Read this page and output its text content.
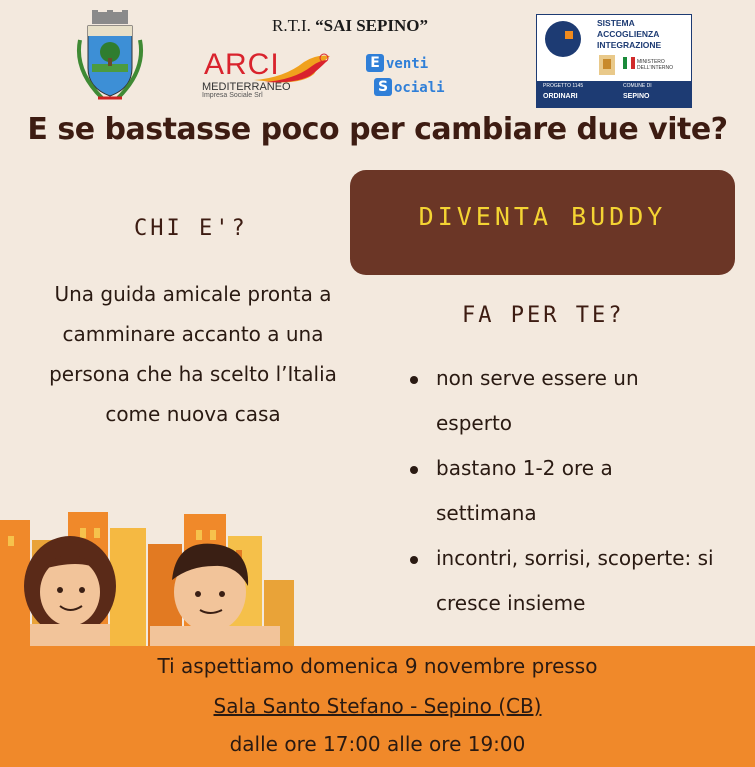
R.T.I. “SAI SEPINO”
ARCI
MEDITERRANEO
Impresa Sociale Srl
E venti
S ociali
SISTEMA
ACCOGLIENZA
INTEGRAZIONE
MINISTERO DELL'INTERNO
PROGETTO 1145	COMUNE DI
ORDINARI	SEPINO
E se bastasse poco per cambiare due vite?
CHI E'?
Una guida amicale pronta a
camminare accanto a una
persona che ha scelto l’Italia
come nuova casa
DIVENTA BUDDY
FA PER TE?
non serve essere un
esperto
bastano 1-2 ore a
settimana
incontri, sorrisi, scoperte: si
cresce insieme
Ti aspettiamo domenica 9 novembre presso
Sala Santo Stefano - Sepino (CB)
dalle ore 17:00 alle ore 19:00
